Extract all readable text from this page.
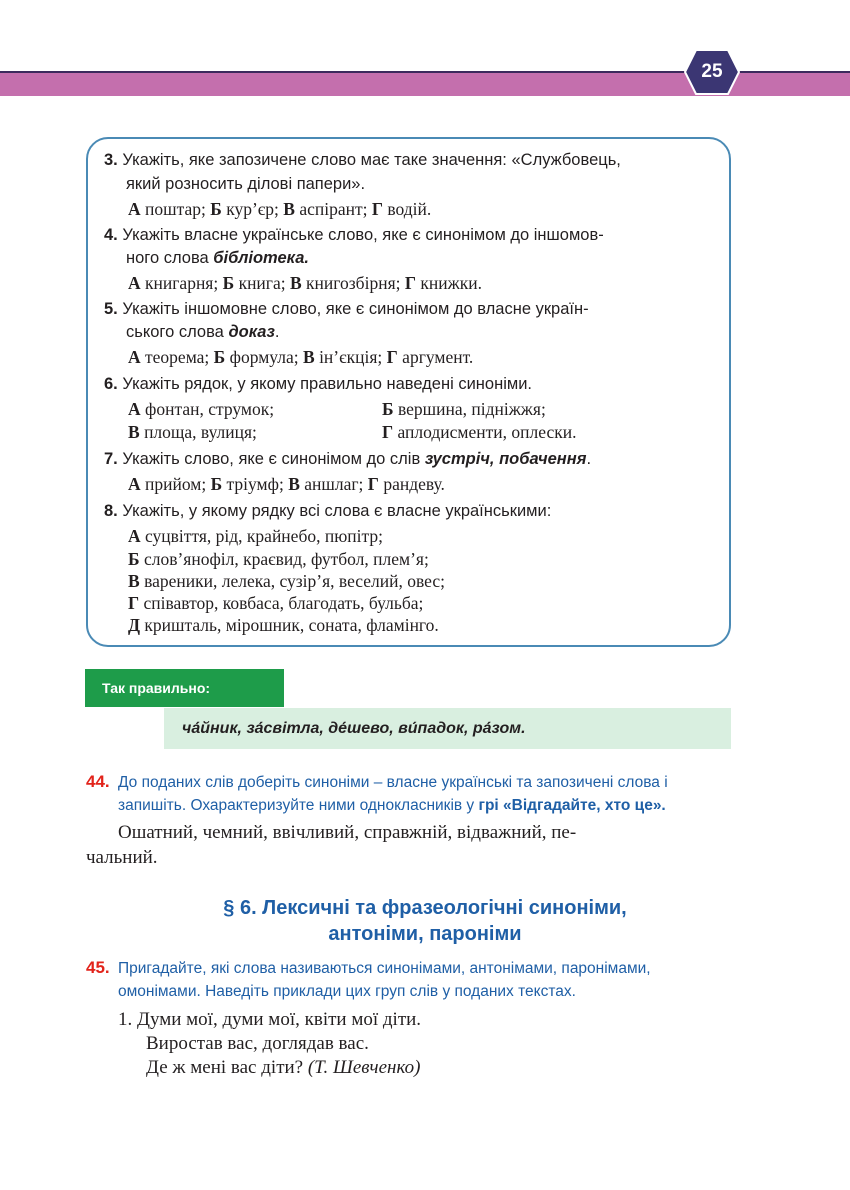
25
3. Укажіть, яке запозичене слово має таке значення: «Службовець,
який розносить ділові папери».
А поштар; Б кур’єр; В аспірант; Г водій.
4. Укажіть власне українське слово, яке є синонімом до іншомов-
ного слова бібліотека.
А книгарня; Б книга; В книгозбірня; Г книжки.
5. Укажіть іншомовне слово, яке є синонімом до власне україн-
ського слова доказ.
А теорема; Б формула; В ін’єкція; Г аргумент.
6. Укажіть рядок, у якому правильно наведені синоніми.
А фонтан, струмок;	Б вершина, підніжжя;
В площа, вулиця;	Г аплодисменти, оплески.
7. Укажіть слово, яке є синонімом до слів зустріч, побачення.
А прийом; Б тріумф; В аншлаг; Г рандеву.
8. Укажіть, у якому рядку всі слова є власне українськими:
А суцвіття, рід, крайнебо, пюпітр;
Б слов’янофіл, краєвид, футбол, плем’я;
В вареники, лелека, сузір’я, веселий, овес;
Г співавтор, ковбаса, благодать, бульба;
Д кришталь, мірошник, соната, фламінго.
Так правильно:
ча́йник, за́світла, де́шево, ви́падок, ра́зом.
44. До поданих слів доберіть синоніми – власне українські та запозичені слова і
запишіть. Охарактеризуйте ними однокласників у грі «Відгадайте, хто це».
Ошатний, чемний, ввічливий, справжній, відважний, пе-
чальний.
§ 6. Лексичні та фразеологічні синоніми,
антоніми, пароніми
45. Пригадайте, які слова називаються синонімами, антонімами, паронімами,
омонімами. Наведіть приклади цих груп слів у поданих текстах.
1. Думи мої, думи мої, квіти мої діти.
Виростав вас, доглядав вас.
Де ж мені вас діти? (Т. Шевченко)
